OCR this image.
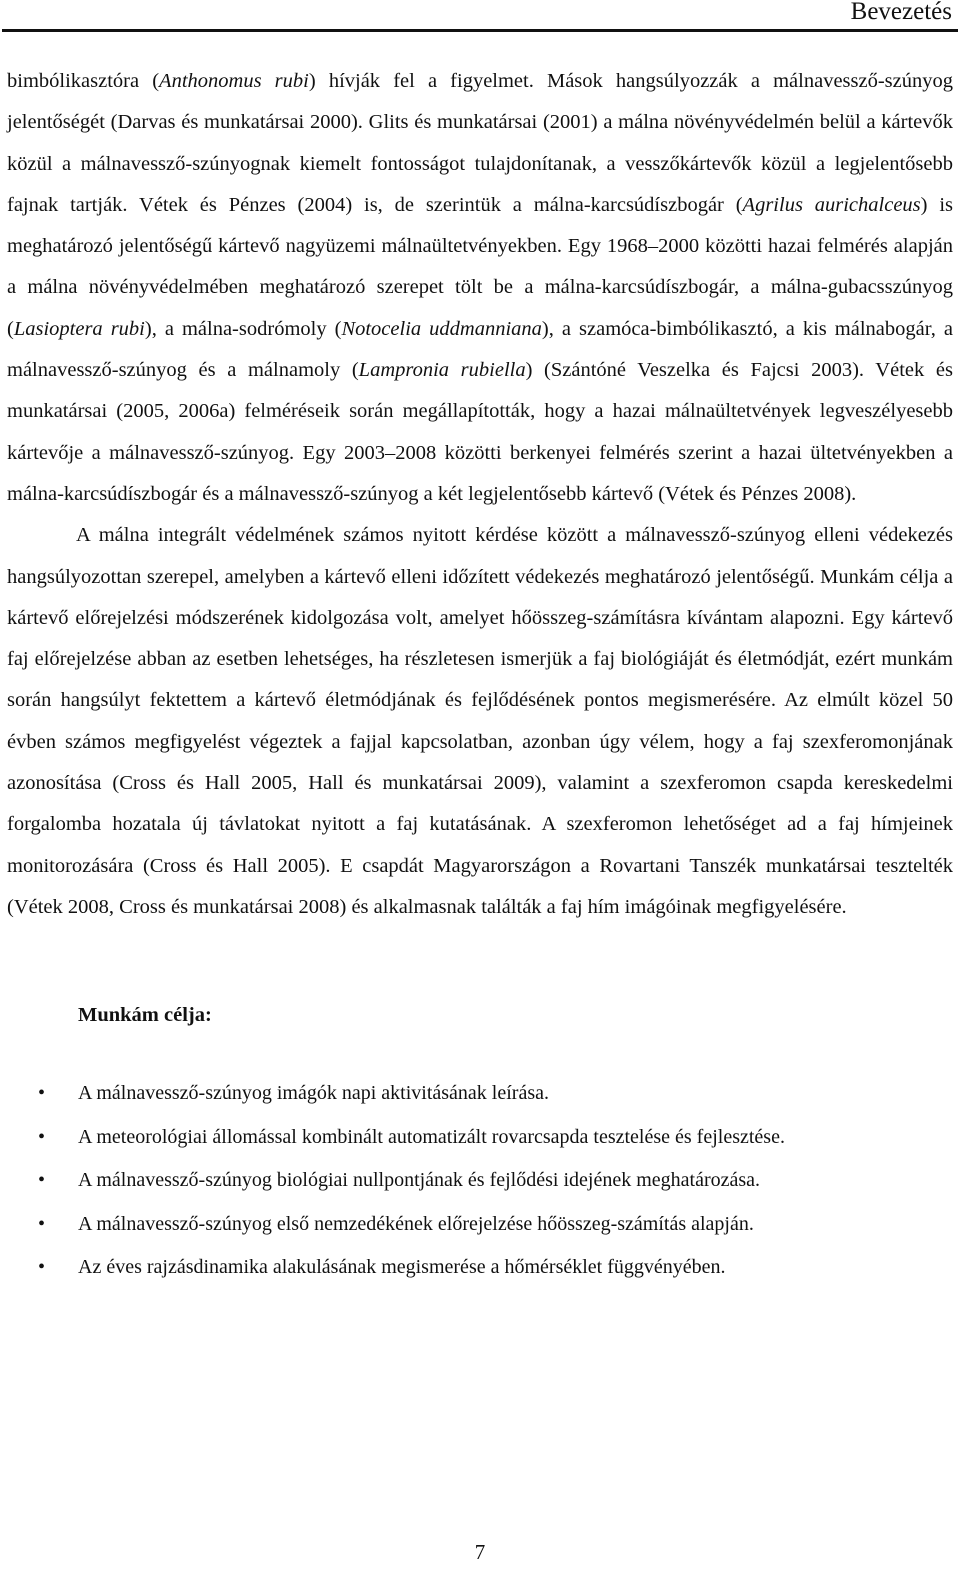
Bevezetés

bimbólikasztóra (Anthonomus rubi) hívják fel a figyelmet. Mások hangsúlyozzák a málnavessző-szúnyog jelentőségét (Darvas és munkatársai 2000). Glits és munkatársai (2001) a málna növényvédelmén belül a kártevők közül a málnavessző-szúnyognak kiemelt fontosságot tulajdonítanak, a vesszőkártevők közül a legjelentősebb fajnak tartják. Vétek és Pénzes (2004) is, de szerintük a málna-karcsúdíszbogár (Agrilus aurichalceus) is meghatározó jelentőségű kártevő nagyüzemi málnaültetvényekben. Egy 1968–2000 közötti hazai felmérés alapján a málna növényvédelmében meghatározó szerepet tölt be a málna-karcsúdíszbogár, a málna-gubacsszúnyog (Lasioptera rubi), a málna-sodrómoly (Notocelia uddmanniana), a szamóca-bimbólikasztó, a kis málnabogár, a málnavessző-szúnyog és a málnamoly (Lampronia rubiella) (Szántóné Veszelka és Fajcsi 2003). Vétek és munkatársai (2005, 2006a) felméréseik során megállapították, hogy a hazai málnaültetvények legveszélyesebb kártevője a málnavessző-szúnyog. Egy 2003–2008 közötti berkenyei felmérés szerint a hazai ültetvényekben a málna-karcsúdíszbogár és a málnavessző-szúnyog a két legjelentősebb kártevő (Vétek és Pénzes 2008).

A málna integrált védelmének számos nyitott kérdése között a málnavessző-szúnyog elleni védekezés hangsúlyozottan szerepel, amelyben a kártevő elleni időzített védekezés meghatározó jelentőségű. Munkám célja a kártevő előrejelzési módszerének kidolgozása volt, amelyet hőösszeg-számításra kívántam alapozni. Egy kártevő faj előrejelzése abban az esetben lehetséges, ha részletesen ismerjük a faj biológiáját és életmódját, ezért munkám során hangsúlyt fektettem a kártevő életmódjának és fejlődésének pontos megismerésére. Az elmúlt közel 50 évben számos megfigyelést végeztek a fajjal kapcsolatban, azonban úgy vélem, hogy a faj szexferomonjának azonosítása (Cross és Hall 2005, Hall és munkatársai 2009), valamint a szexferomon csapda kereskedelmi forgalomba hozatala új távlatokat nyitott a faj kutatásának. A szexferomon lehetőséget ad a faj hímjeinek monitorozására (Cross és Hall 2005). E csapdát Magyarországon a Rovartani Tanszék munkatársai tesztelték (Vétek 2008, Cross és munkatársai 2008) és alkalmasnak találták a faj hím imágóinak megfigyelésére.

Munkám célja:
• A málnavessző-szúnyog imágók napi aktivitásának leírása.
• A meteorológiai állomással kombinált automatizált rovarcsapda tesztelése és fejlesztése.
• A málnavessző-szúnyog biológiai nullpontjának és fejlődési idejének meghatározása.
• A málnavessző-szúnyog első nemzedékének előrejelzése hőösszeg-számítás alapján.
• Az éves rajzásdinamika alakulásának megismerése a hőmérséklet függvényében.
7
